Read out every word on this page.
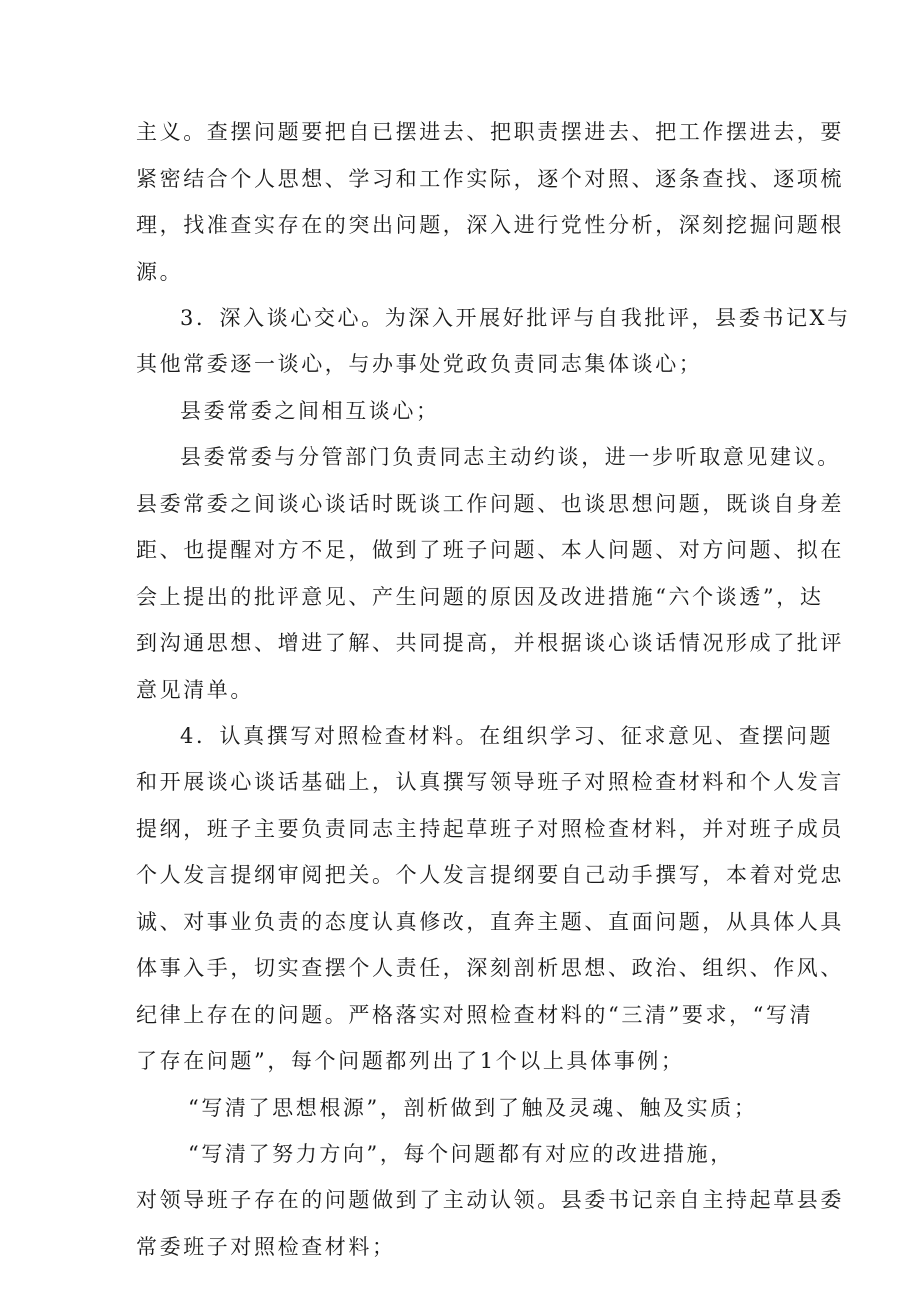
主义。查摆问题要把自已摆进去、把职责摆进去、把工作摆进去，要
紧密结合个人思想、学习和工作实际，逐个对照、逐条查找、逐项梳
理，找准查实存在的突出问题，深入进行党性分析，深刻挖掘问题根
源。
3．深入谈心交心。为深入开展好批评与自我批评，县委书记X与
其他常委逐一谈心，与办事处党政负责同志集体谈心；
县委常委之间相互谈心；
县委常委与分管部门负责同志主动约谈，进一步听取意见建议。
县委常委之间谈心谈话时既谈工作问题、也谈思想问题，既谈自身差
距、也提醒对方不足，做到了班子问题、本人问题、对方问题、拟在
会上提出的批评意见、产生问题的原因及改进措施“六个谈透”，达
到沟通思想、增进了解、共同提高，并根据谈心谈话情况形成了批评
意见清单。
4．认真撰写对照检查材料。在组织学习、征求意见、查摆问题
和开展谈心谈话基础上，认真撰写领导班子对照检查材料和个人发言
提纲，班子主要负责同志主持起草班子对照检查材料，并对班子成员
个人发言提纲审阅把关。个人发言提纲要自己动手撰写，本着对党忠
诚、对事业负责的态度认真修改，直奔主题、直面问题，从具体人具
体事入手，切实查摆个人责任，深刻剖析思想、政治、组织、作风、
纪律上存在的问题。严格落实对照检查材料的“三清”要求，“写清
了存在问题”，每个问题都列出了1个以上具体事例；
“写清了思想根源”，剖析做到了触及灵魂、触及实质；
“写清了努力方向”，每个问题都有对应的改进措施，
对领导班子存在的问题做到了主动认领。县委书记亲自主持起草县委
常委班子对照检查材料；
